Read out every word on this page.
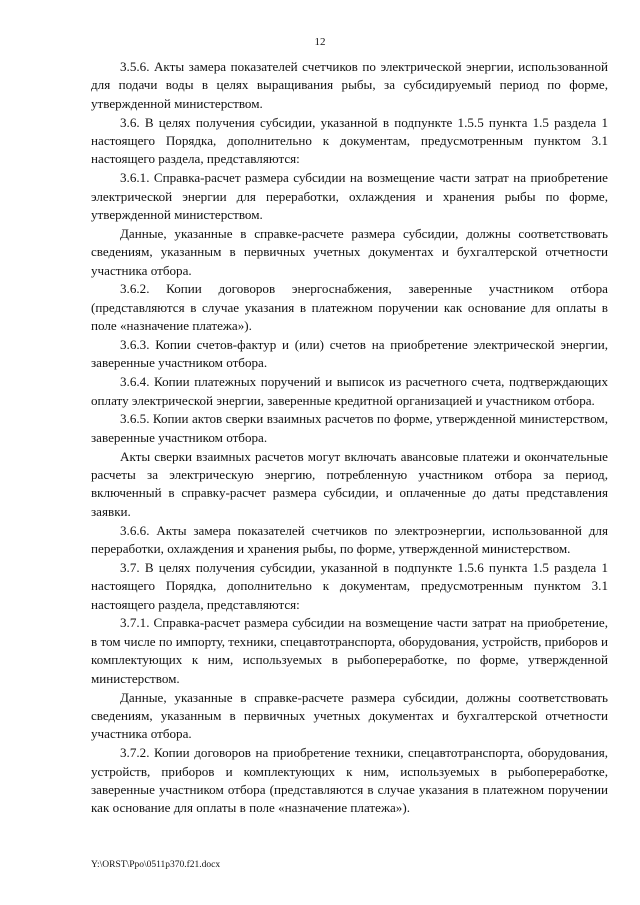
12

3.5.6. Акты замера показателей счетчиков по электрической энергии, использованной для подачи воды в целях выращивания рыбы, за субсидируемый период по форме, утвержденной министерством.

3.6. В целях получения субсидии, указанной в подпункте 1.5.5 пункта 1.5 раздела 1 настоящего Порядка, дополнительно к документам, предусмотренным пунктом 3.1 настоящего раздела, представляются:

3.6.1. Справка-расчет размера субсидии на возмещение части затрат на приобретение электрической энергии для переработки, охлаждения и хранения рыбы по форме, утвержденной министерством.

Данные, указанные в справке-расчете размера субсидии, должны соответствовать сведениям, указанным в первичных учетных документах и бухгалтерской отчетности участника отбора.

3.6.2. Копии договоров энергоснабжения, заверенные участником отбора (представляются в случае указания в платежном поручении как основание для оплаты в поле «назначение платежа»).

3.6.3. Копии счетов-фактур и (или) счетов на приобретение электрической энергии, заверенные участником отбора.

3.6.4. Копии платежных поручений и выписок из расчетного счета, подтверждающих оплату электрической энергии, заверенные кредитной организацией и участником отбора.

3.6.5. Копии актов сверки взаимных расчетов по форме, утвержденной министерством, заверенные участником отбора.

Акты сверки взаимных расчетов могут включать авансовые платежи и окончательные расчеты за электрическую энергию, потребленную участником отбора за период, включенный в справку-расчет размера субсидии, и оплаченные до даты представления заявки.

3.6.6. Акты замера показателей счетчиков по электроэнергии, использованной для переработки, охлаждения и хранения рыбы, по форме, утвержденной министерством.

3.7. В целях получения субсидии, указанной в подпункте 1.5.6 пункта 1.5 раздела 1 настоящего Порядка, дополнительно к документам, предусмотренным пунктом 3.1 настоящего раздела, представляются:

3.7.1. Справка-расчет размера субсидии на возмещение части затрат на приобретение, в том числе по импорту, техники, спецавтотранспорта, оборудования, устройств, приборов и комплектующих к ним, используемых в рыбопереработке, по форме, утвержденной министерством.

Данные, указанные в справке-расчете размера субсидии, должны соответствовать сведениям, указанным в первичных учетных документах и бухгалтерской отчетности участника отбора.

3.7.2. Копии договоров на приобретение техники, спецавтотранспорта, оборудования, устройств, приборов и комплектующих к ним, используемых в рыбопереработке, заверенные участником отбора (представляются в случае указания в платежном поручении как основание для оплаты в поле «назначение платежа»).

Y:\ORST\Ppo\0511p370.f21.docx
